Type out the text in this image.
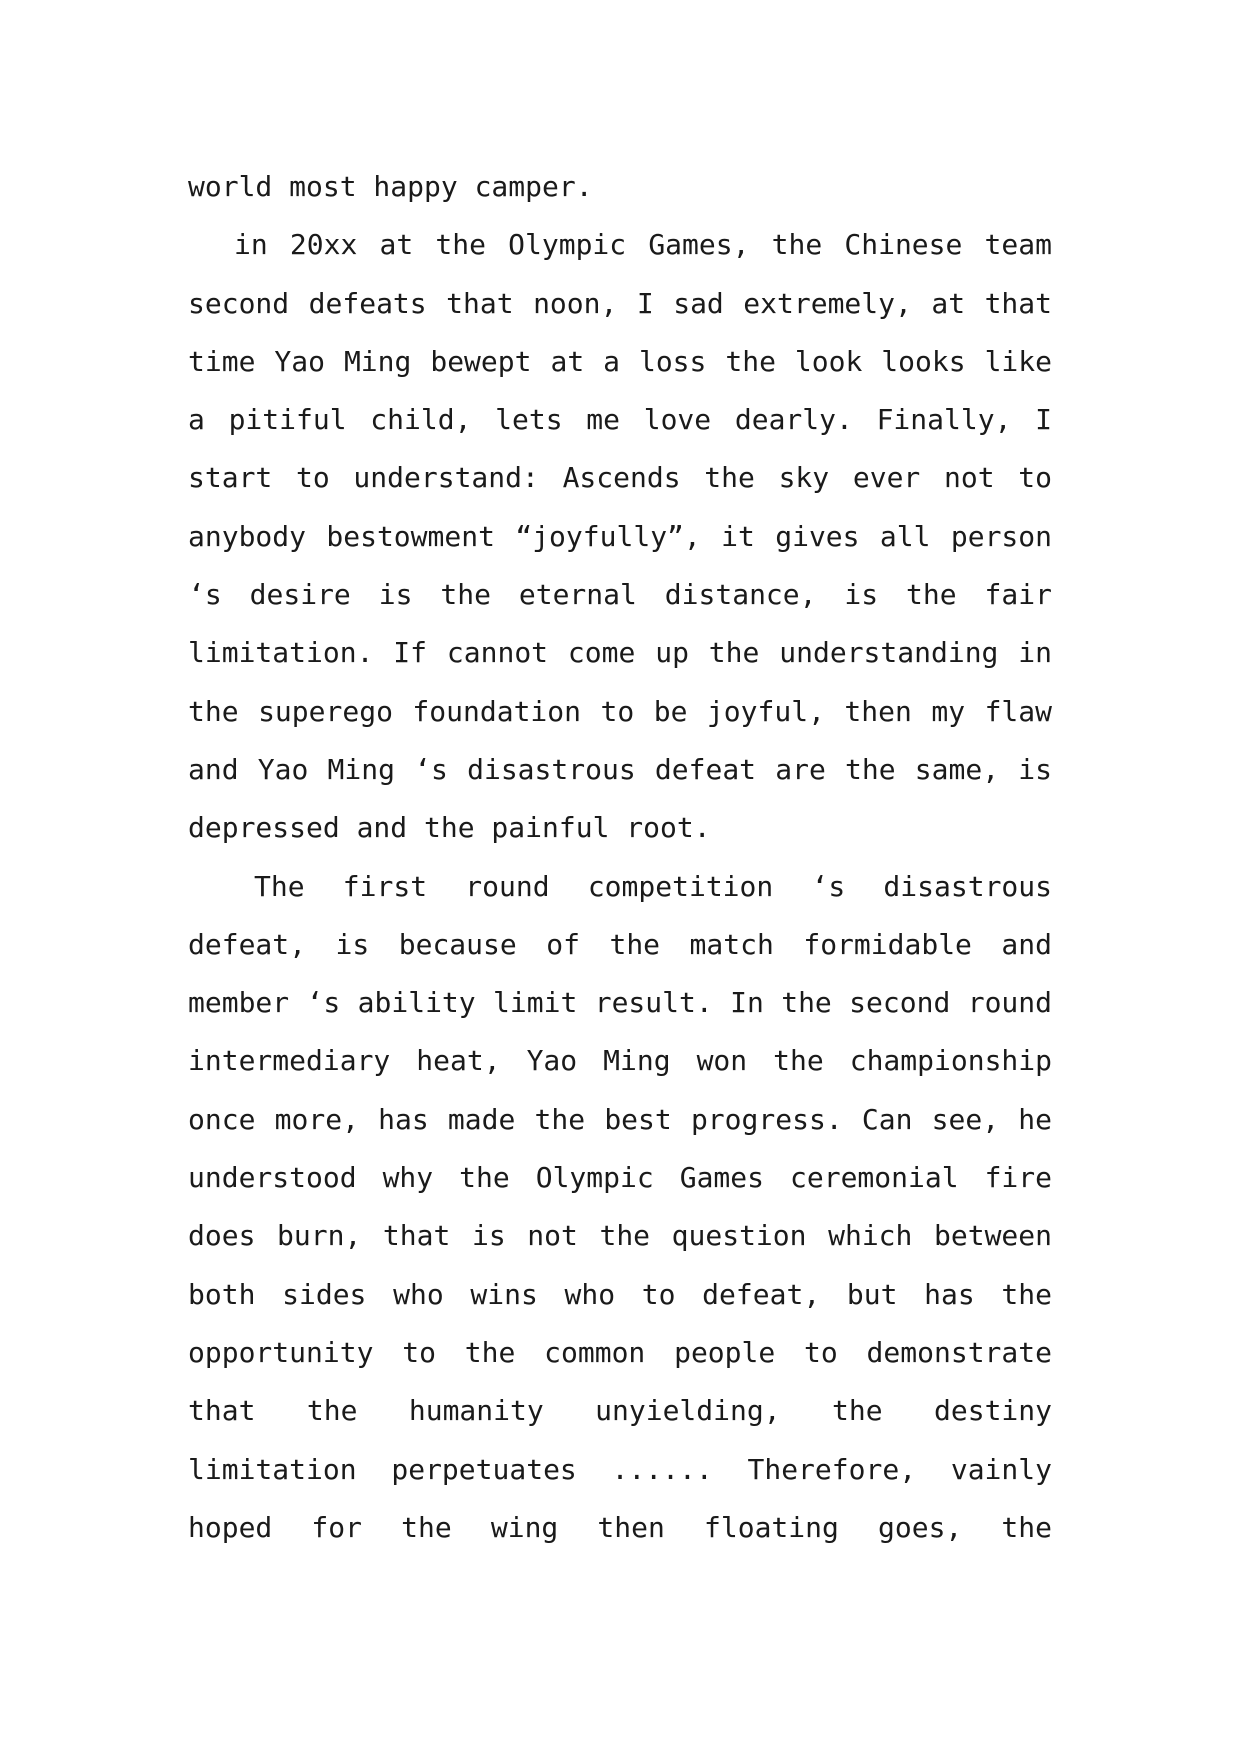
world most happy camper.
in 20xx at the Olympic Games, the Chinese team
second defeats that noon, I sad extremely, at that
time Yao Ming bewept at a loss the look looks like
a pitiful child, lets me love dearly. Finally, I
start to understand: Ascends the sky ever not to
anybody bestowment “joyfully”, it gives all person
‘s desire is the eternal distance, is the fair
limitation. If cannot come up the understanding in
the superego foundation to be joyful, then my flaw
and Yao Ming ‘s disastrous defeat are the same, is
depressed and the painful root.
The first round competition ‘s disastrous
defeat, is because of the match formidable and
member ‘s ability limit result. In the second round
intermediary heat, Yao Ming won the championship
once more, has made the best progress. Can see, he
understood why the Olympic Games ceremonial fire
does burn, that is not the question which between
both sides who wins who to defeat, but has the
opportunity to the common people to demonstrate
that the humanity unyielding, the destiny
limitation perpetuates ...... Therefore, vainly
hoped for the wing then floating goes, the
